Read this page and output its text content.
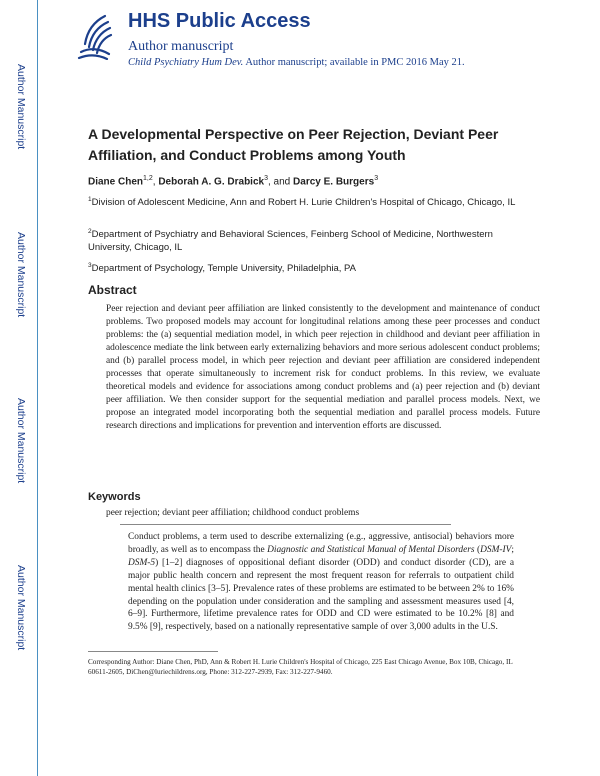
Author Manuscript
Author Manuscript
Author Manuscript
Author Manuscript
HHS Public Access
Author manuscript
Child Psychiatry Hum Dev. Author manuscript; available in PMC 2016 May 21.
A Developmental Perspective on Peer Rejection, Deviant Peer Affiliation, and Conduct Problems among Youth
Diane Chen$^{1,2}$, Deborah A. G. Drabick$^3$, and Darcy E. Burgers$^3$
$^1$Division of Adolescent Medicine, Ann and Robert H. Lurie Children's Hospital of Chicago, Chicago, IL
$^2$Department of Psychiatry and Behavioral Sciences, Feinberg School of Medicine, Northwestern University, Chicago, IL
$^3$Department of Psychology, Temple University, Philadelphia, PA
Abstract
Peer rejection and deviant peer affiliation are linked consistently to the development and maintenance of conduct problems. Two proposed models may account for longitudinal relations among these peer processes and conduct problems: the (a) sequential mediation model, in which peer rejection in childhood and deviant peer affiliation in adolescence mediate the link between early externalizing behaviors and more serious adolescent conduct problems; and (b) parallel process model, in which peer rejection and deviant peer affiliation are considered independent processes that operate simultaneously to increment risk for conduct problems. In this review, we evaluate theoretical models and evidence for associations among conduct problems and (a) peer rejection and (b) deviant peer affiliation. We then consider support for the sequential mediation and parallel process models. Next, we propose an integrated model incorporating both the sequential mediation and parallel process models. Future research directions and implications for prevention and intervention efforts are discussed.
Keywords
peer rejection; deviant peer affiliation; childhood conduct problems
Conduct problems, a term used to describe externalizing (e.g., aggressive, antisocial) behaviors more broadly, as well as to encompass the Diagnostic and Statistical Manual of Mental Disorders (DSM-IV; DSM-5) [1–2] diagnoses of oppositional defiant disorder (ODD) and conduct disorder (CD), are a major public health concern and represent the most frequent reason for referrals to outpatient child mental health clinics [3–5]. Prevalence rates of these problems are estimated to be between 2% to 16% depending on the population under consideration and the sampling and assessment measures used [4, 6–9]. Furthermore, lifetime prevalence rates for ODD and CD were estimated to be 10.2% [8] and 9.5% [9], respectively, based on a nationally representative sample of over 3,000 adults in the U.S.
Corresponding Author: Diane Chen, PhD, Ann & Robert H. Lurie Children's Hospital of Chicago, 225 East Chicago Avenue, Box 10B, Chicago, IL 60611-2605, DiChen@luriechildrens.org, Phone: 312-227-2939, Fax: 312-227-9460.
